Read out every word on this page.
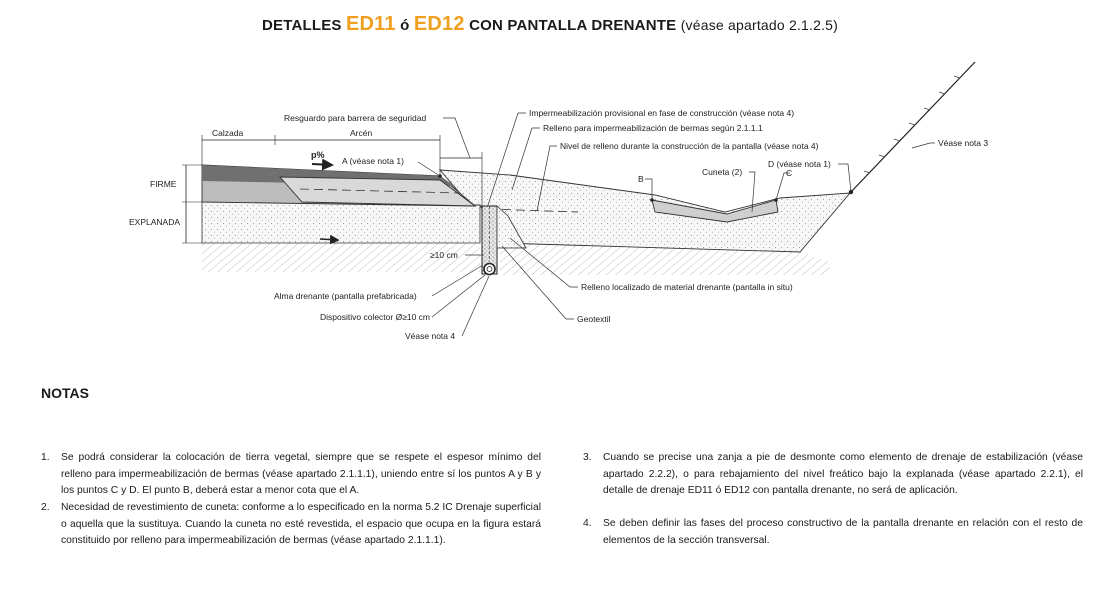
DETALLES ED11 ó ED12 CON PANTALLA DRENANTE (véase apartado 2.1.2.5)
Calzada	Arcén
Resguardo para barrera de seguridad
p%
A (véase nota 1)
FIRME
EXPLANADA
Impermeabilización provisional en fase de construcción (véase nota 4)
Relleno para impermeabilización de bermas según 2.1.1.1
Nivel de relleno durante la construcción de la pantalla (véase nota 4)
B
Cuneta (2)
D (véase nota 1)
C
Véase nota 3
≥10 cm
Alma drenante (pantalla prefabricada)
Dispositivo colector Ø≥10 cm
Véase nota 4
Relleno localizado de material drenante (pantalla in situ)
Geotextil
NOTAS
1. Se podrá considerar la colocación de tierra vegetal, siempre que se respete el espesor mínimo del relleno para impermeabilización de bermas (véase apartado 2.1.1.1), uniendo entre sí los puntos A y B y los puntos C y D. El punto B, deberá estar a menor cota que el A.
2. Necesidad de revestimiento de cuneta: conforme a lo especificado en la norma 5.2 IC Drenaje superficial o aquella que la sustituya. Cuando la cuneta no esté revestida, el espacio que ocupa en la figura estará constituido por relleno para impermeabilización de bermas (véase apartado 2.1.1.1).
3. Cuando se precise una zanja a pie de desmonte como elemento de drenaje de estabilización (véase apartado 2.2.2), o para rebajamiento del nivel freático bajo la explanada (véase apartado 2.2.1), el detalle de drenaje ED11 ó ED12 con pantalla drenante, no será de aplicación.
4. Se deben definir las fases del proceso constructivo de la pantalla drenante en relación con el resto de elementos de la sección transversal.
